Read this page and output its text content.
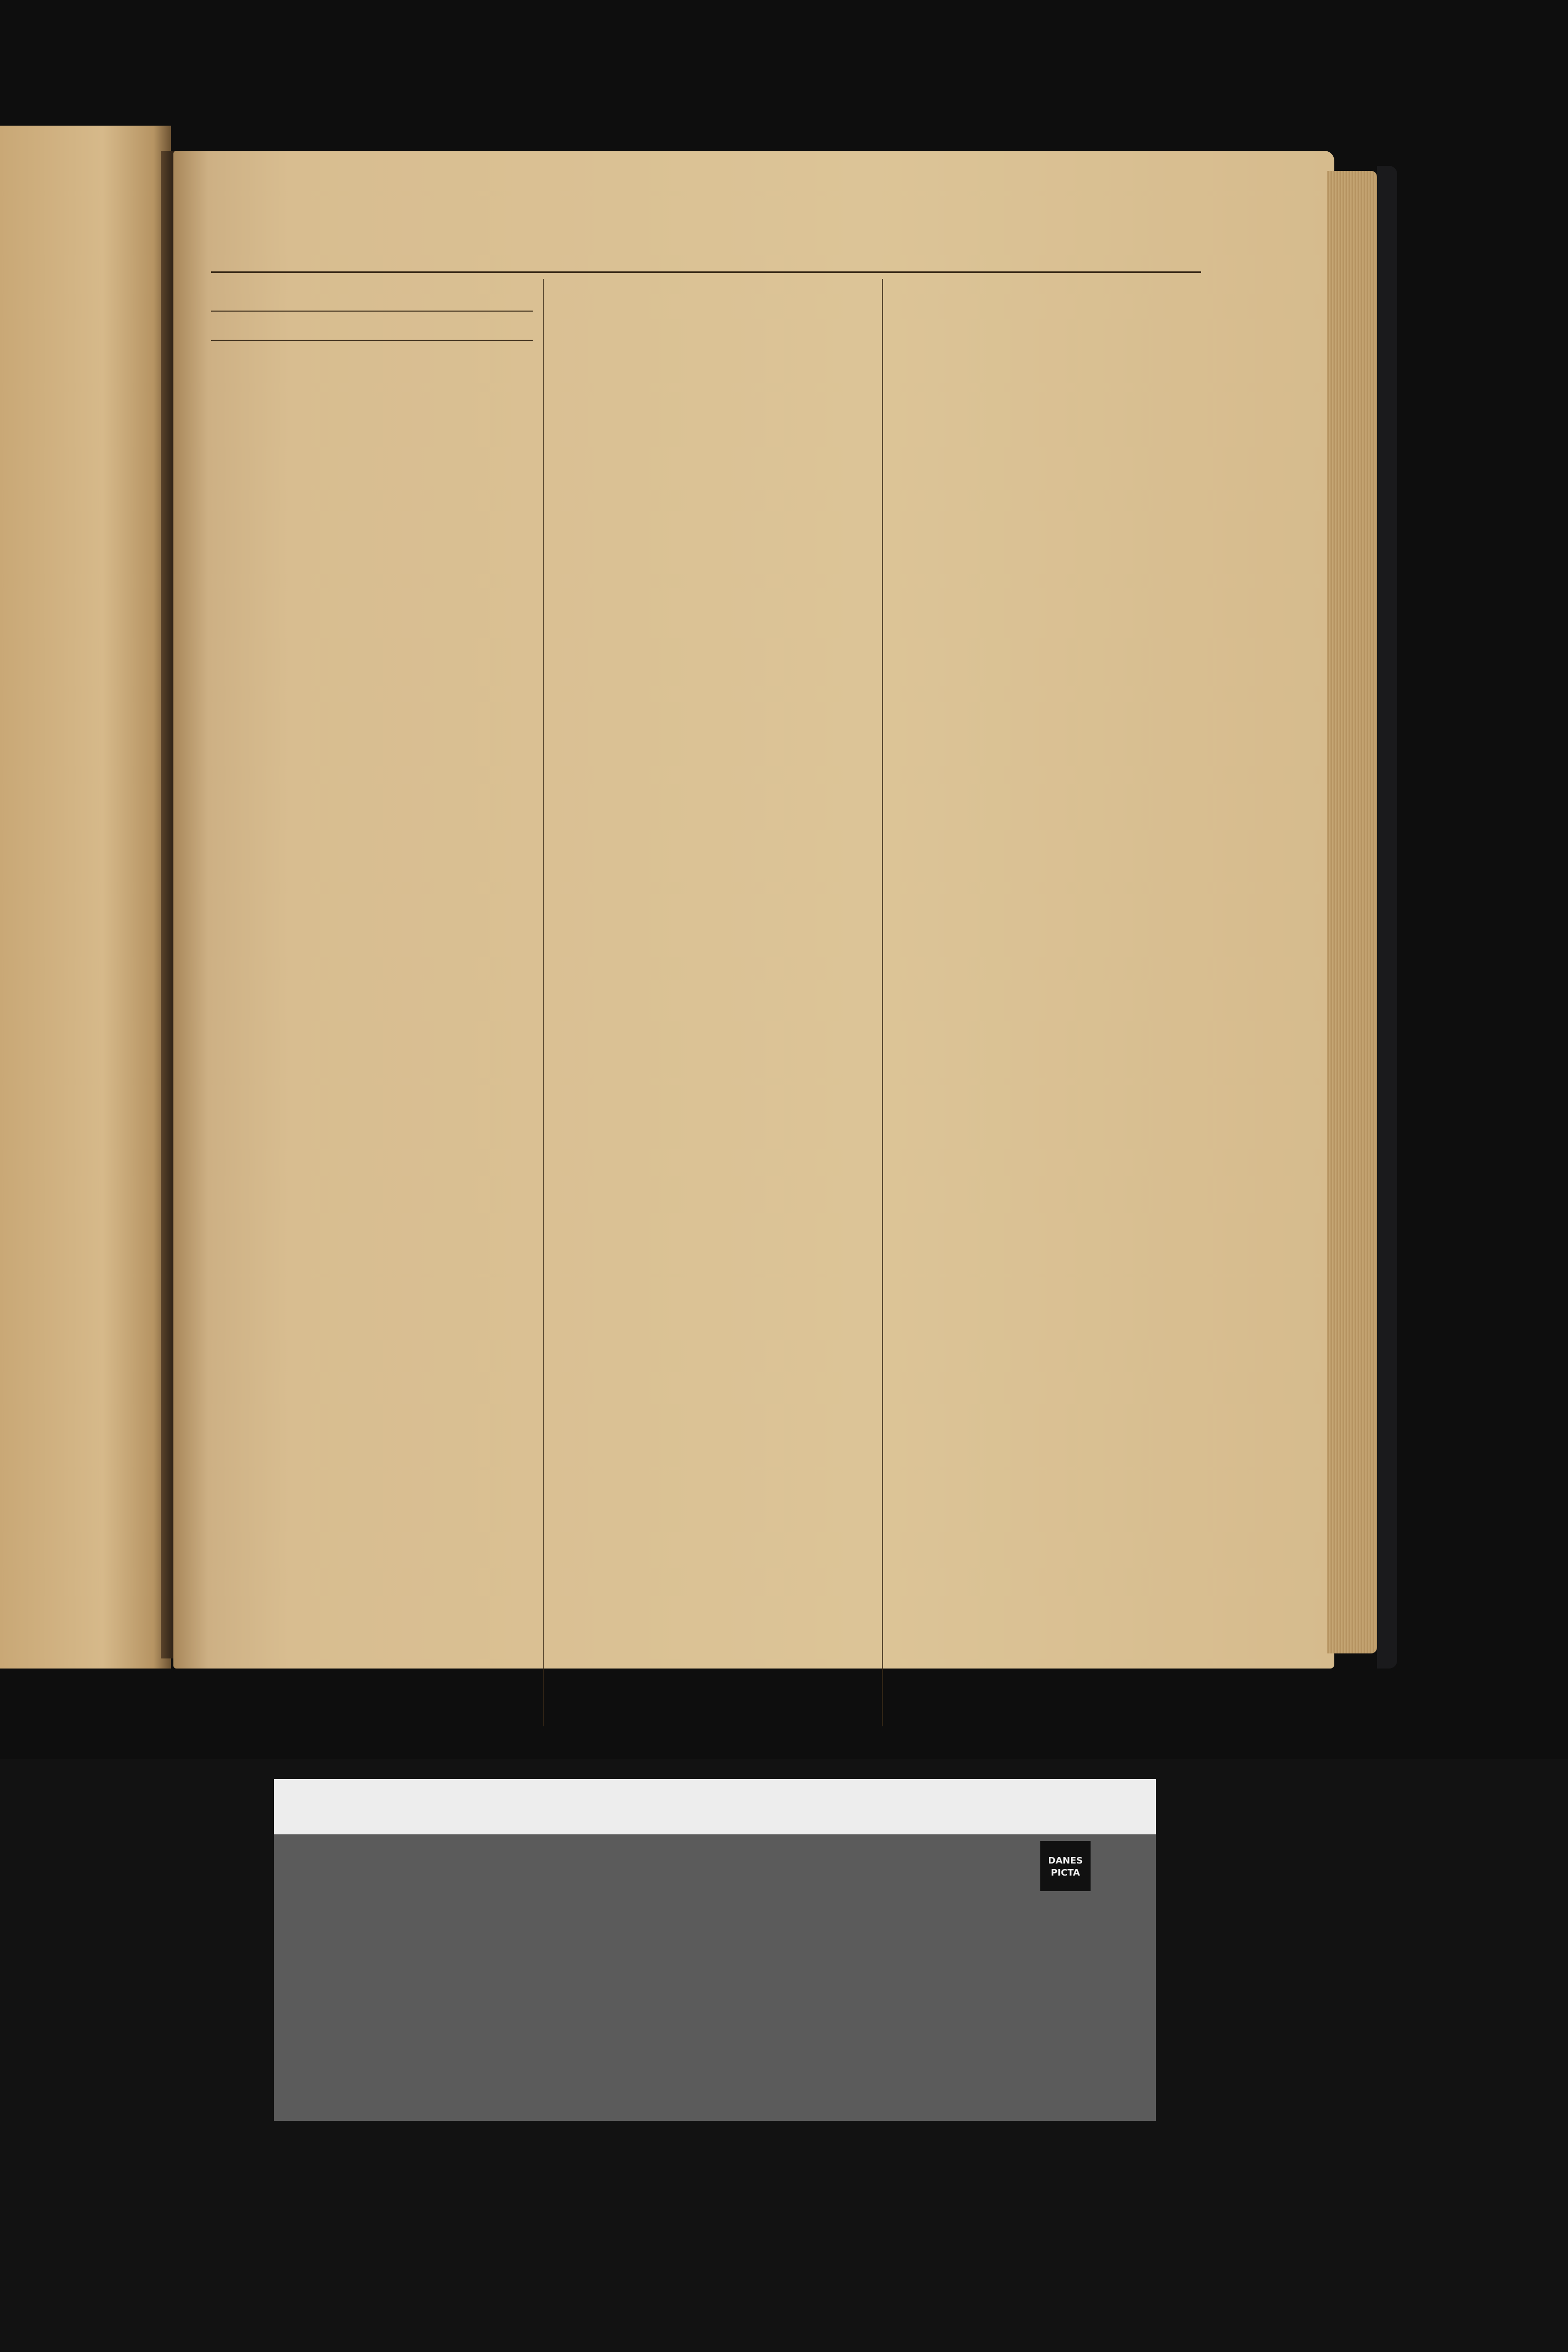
DANES
PICTA
